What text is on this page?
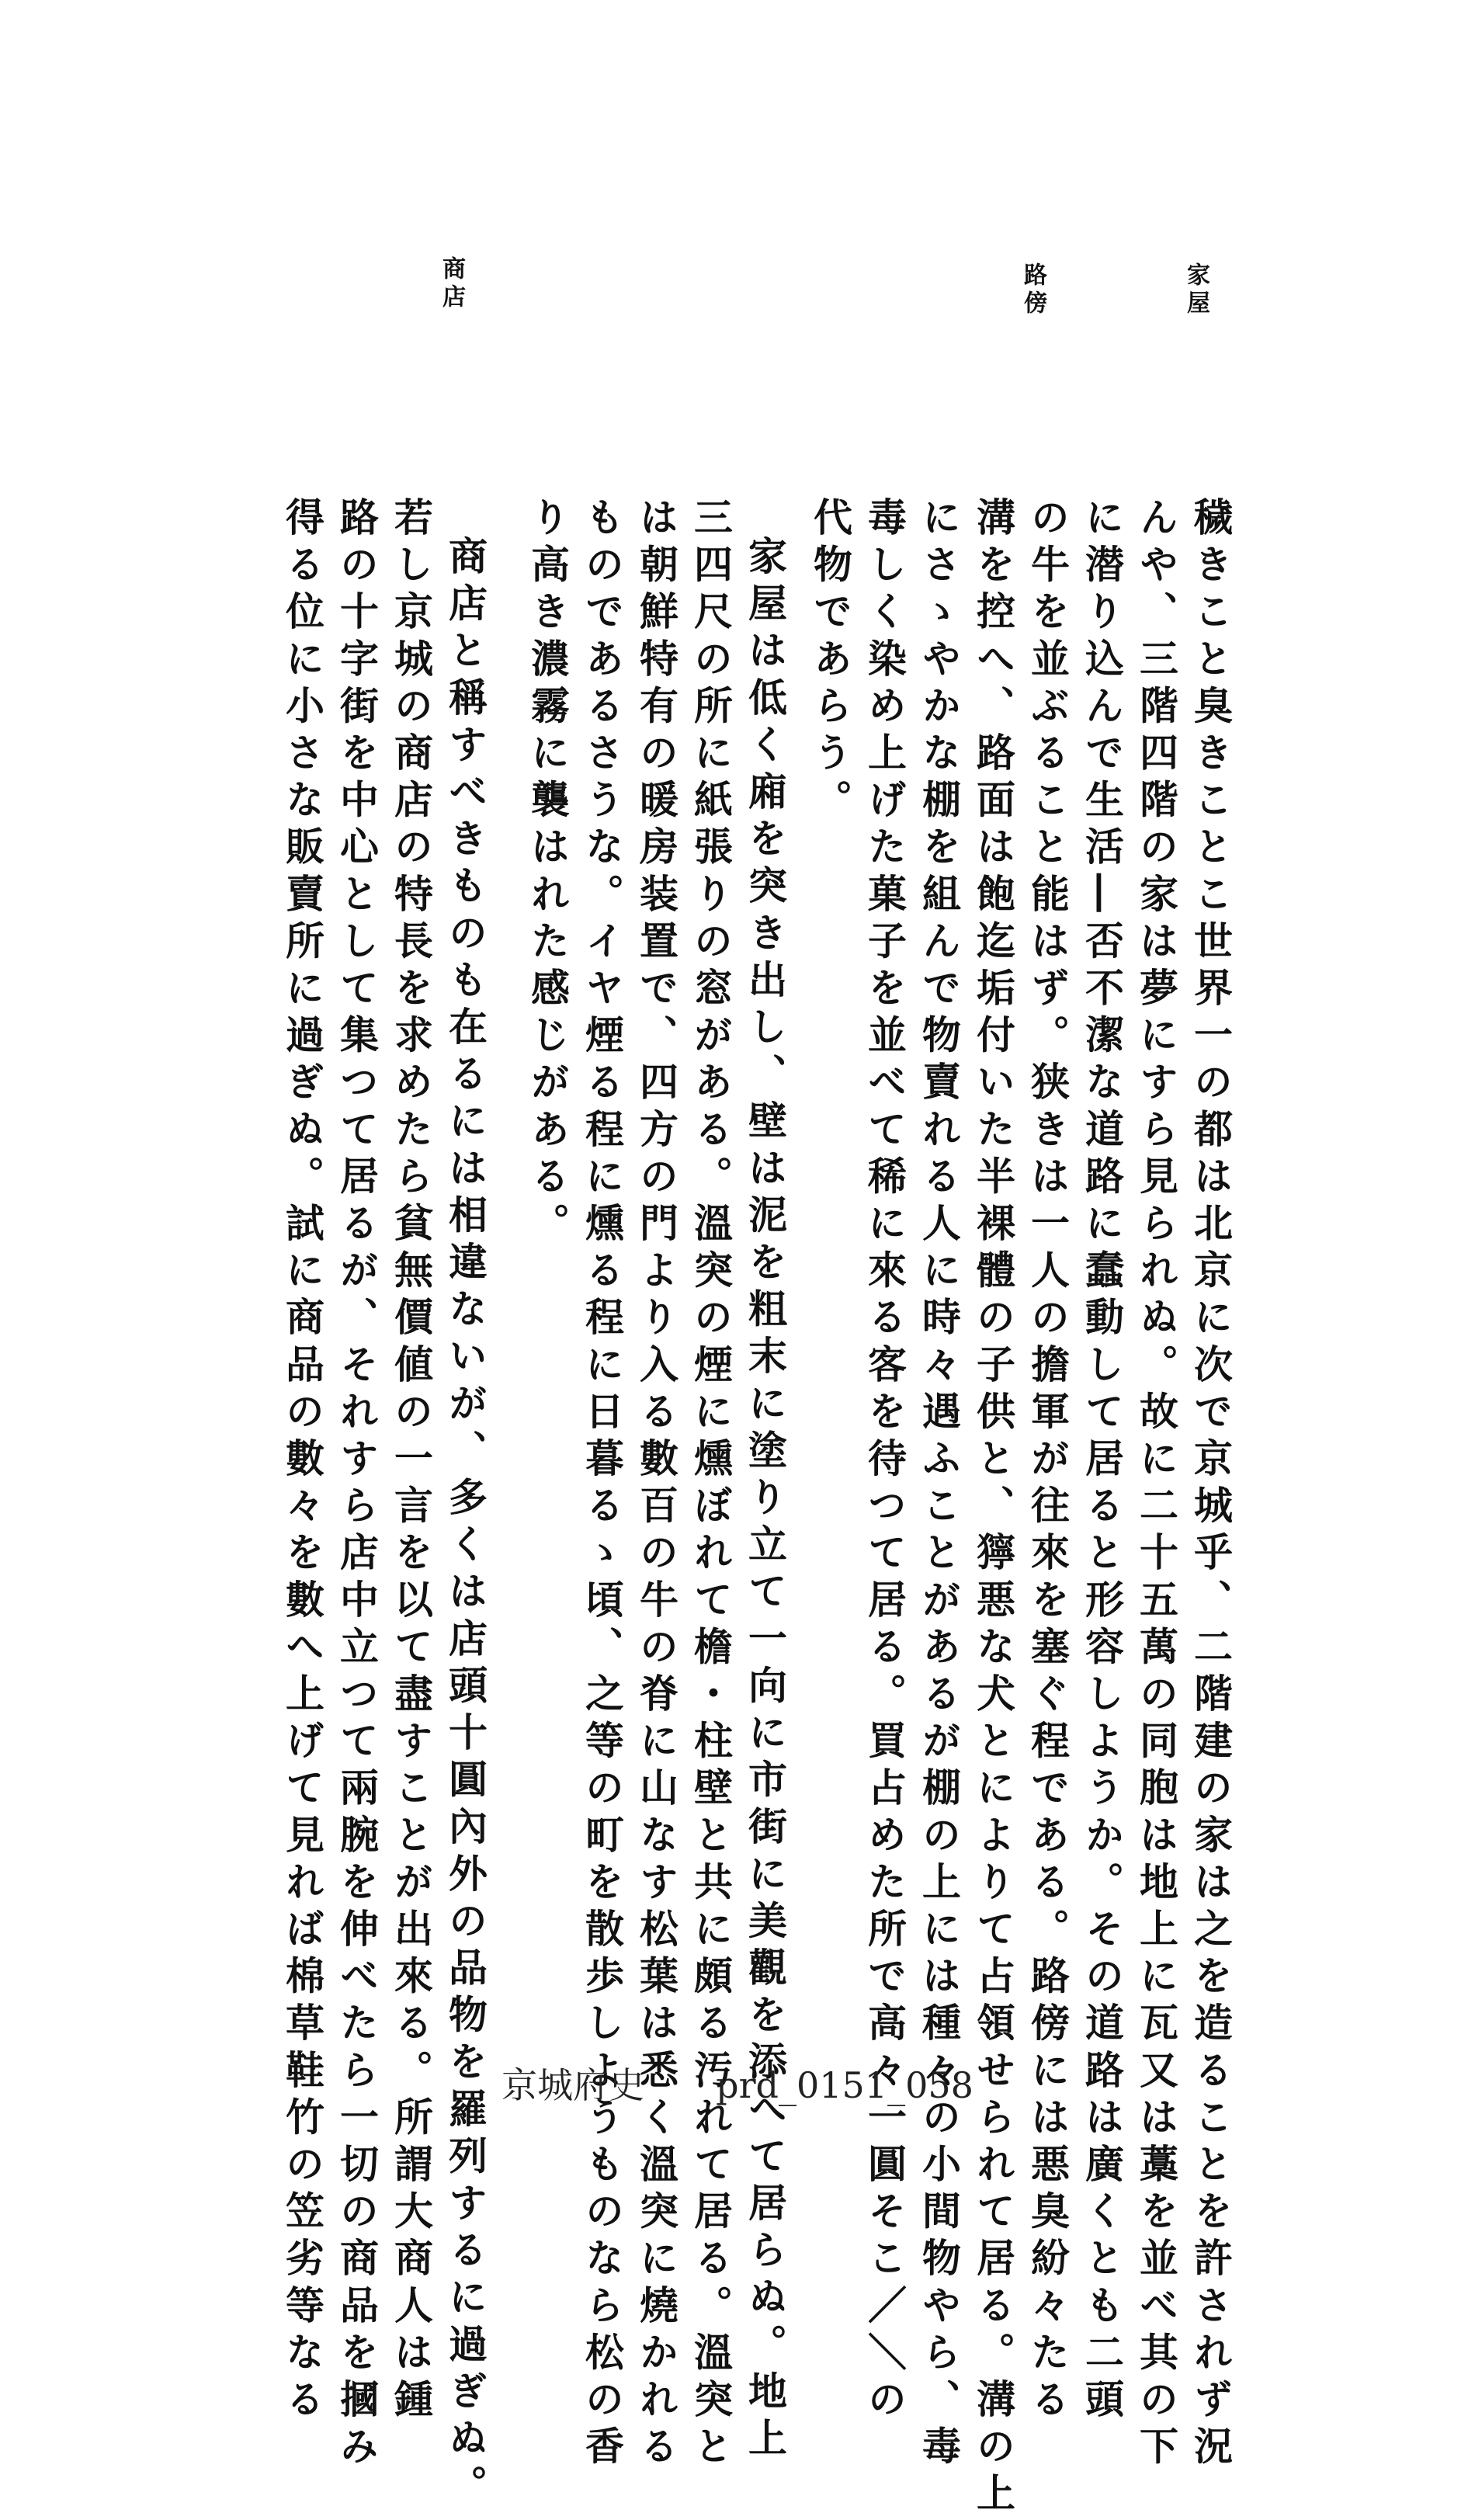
家屋
路傍
商店
穢きこと臭きことこ世界一の都は北京に次で京城乎、二階建の家は之を造ることを許されず況
んや、三階四階の家は夢にすら見られぬ。故に二十五萬の同胞は地上に瓦又は藁を並べ其の下
に潜り込んで生活―否不潔な道路に蠢動して居ると形容しようか。その道路は廣くとも二頭
の牛を並ぶること能はず。狭きは一人の擔軍が往來を塞ぐ程である。路傍には悪臭紛々たる
溝を控へ、路面は飽迄垢付いた半裸體の子供と、獰悪な犬とによりて占領せられて居る。溝の上
にさゝやかな棚を組んで物賣れる人に時々遇ふことがあるが棚の上には種々の小間物やら、毒
毒しく染め上げた菓子を並べて稀に來る客を待つて居る。買占めた所で高々一圓そこ／＼の
代物であらう。
家屋は低く廂を突き出し、壁は泥を粗末に塗り立て一向に市街に美觀を添へて居らぬ。地上
三四尺の所に紙張りの窓がある。溫突の煙に燻ぼれて檐・柱壁と共に頗る汚れて居る。溫突と
は朝鮮特有の暖房装置で、四方の門より入る數百の牛の脊に山なす松葉は悉く溫突に燒かれる
ものであるさうな。イヤ煙る程に燻る程に日暮るゝ頃、之等の町を散歩しようものなら松の香
り高き濃霧に襲はれた感じがある。
商店と稱すべきものも在るには相違ないが、多くは店頭十圓內外の品物を羅列するに過ぎぬ。
若し京城の商店の特長を求めたら貧無價値の一言を以て盡すことが出來る。所謂大商人は鍾
路の十字街を中心として集つて居るが、それすら店中立つて兩腕を伸べたら一切の商品を摑み
得る位に小さな販賣所に過ぎぬ。試に商品の數々を數へ上げて見れば棉草鞋竹の笠劣等なる	京城府史　　prd_0151_058
